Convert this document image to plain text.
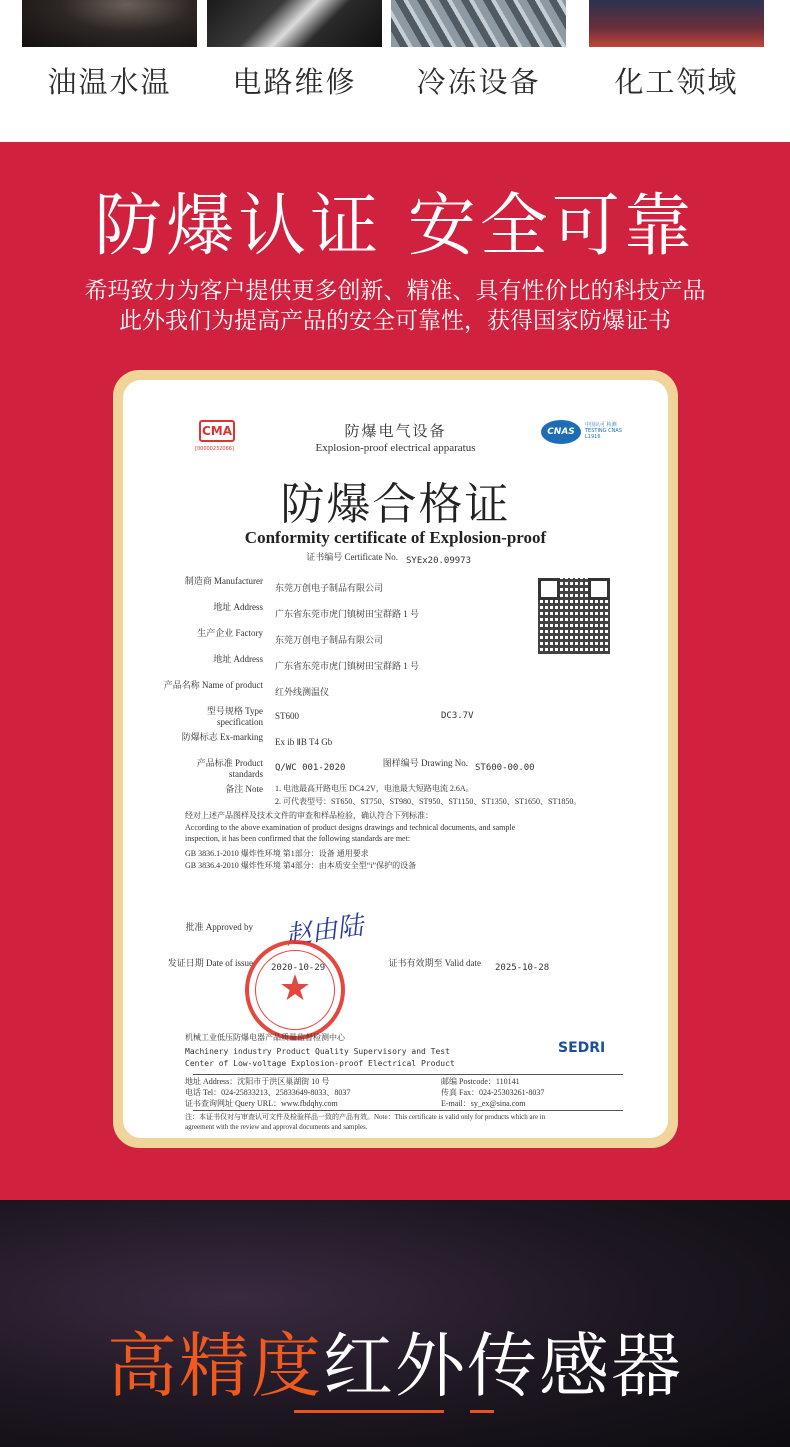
油温水温	电路维修	冷冻设备	化工领域
防爆认证 安全可靠
希玛致力为客户提供更多创新、精准、具有性价比的科技产品
此外我们为提高产品的安全可靠性，获得国家防爆证书
CMA
[00000232066]
CNAS
中国认可 检测 TESTING CNAS L1916
防爆电气设备
Explosion-proof electrical apparatus
防爆合格证
Conformity certificate of Explosion-proof
证书编号 Certificate No. SYEx20.09973
制造商 Manufacturer
东莞万创电子制品有限公司
地址 Address
广东省东莞市虎门镇树田宝群路 1 号
生产企业 Factory
东莞万创电子制品有限公司
地址 Address
广东省东莞市虎门镇树田宝群路 1 号
产品名称 Name of product
红外线测温仪
型号规格 Type specification
ST600	DC3.7V
防爆标志 Ex-marking Ex ib ⅡB T4 Gb
产品标准 Product standards
Q/WC 001-2020	图样编号 Drawing No. ST600-00.00
备注 Note 1. 电池最高开路电压 DC4.2V，电池最大短路电流 2.6A。
2. 可代表型号：ST650、ST750、ST980、ST950、ST1150、ST1350、ST1650、ST1850。
经对上述产品图样及技术文件的审查和样品检验，确认符合下列标准：
According to the above examination of product designs drawings and technical documents, and sample
inspection, it has been confirmed that the following standards are met:
GB 3836.1-2010 爆炸性环境 第1部分：设备 通用要求
GB 3836.4-2010 爆炸性环境 第4部分：由本质安全型“i”保护的设备
批准 Approved by 赵由陆
发证日期 Date of issue 2020-10-29	证书有效期至 Valid date 2025-10-28
★
机械工业低压防爆电器产品质量监督检测中心
Machinery industry Product Quality Supervisory and Test
Center of Low-voltage Explosion-proof Electrical Product
SEDRI
地址 Address：沈阳市于洪区巢湖街 10 号
电话 Tel：024-25833213、25833649-8033、8037
证书查询网址 Query URL：www.fbdqhy.com
邮编 Postcode：110141
传真 Fax：024-25303261-8037
E-mail：sy_ex@sina.com
注：本证书仅对与审查认可文件及检验样品一致的产品有效。Note：This certificate is valid only for products which are in
agreement with the review and approval documents and samples.
高精度红外传感器
